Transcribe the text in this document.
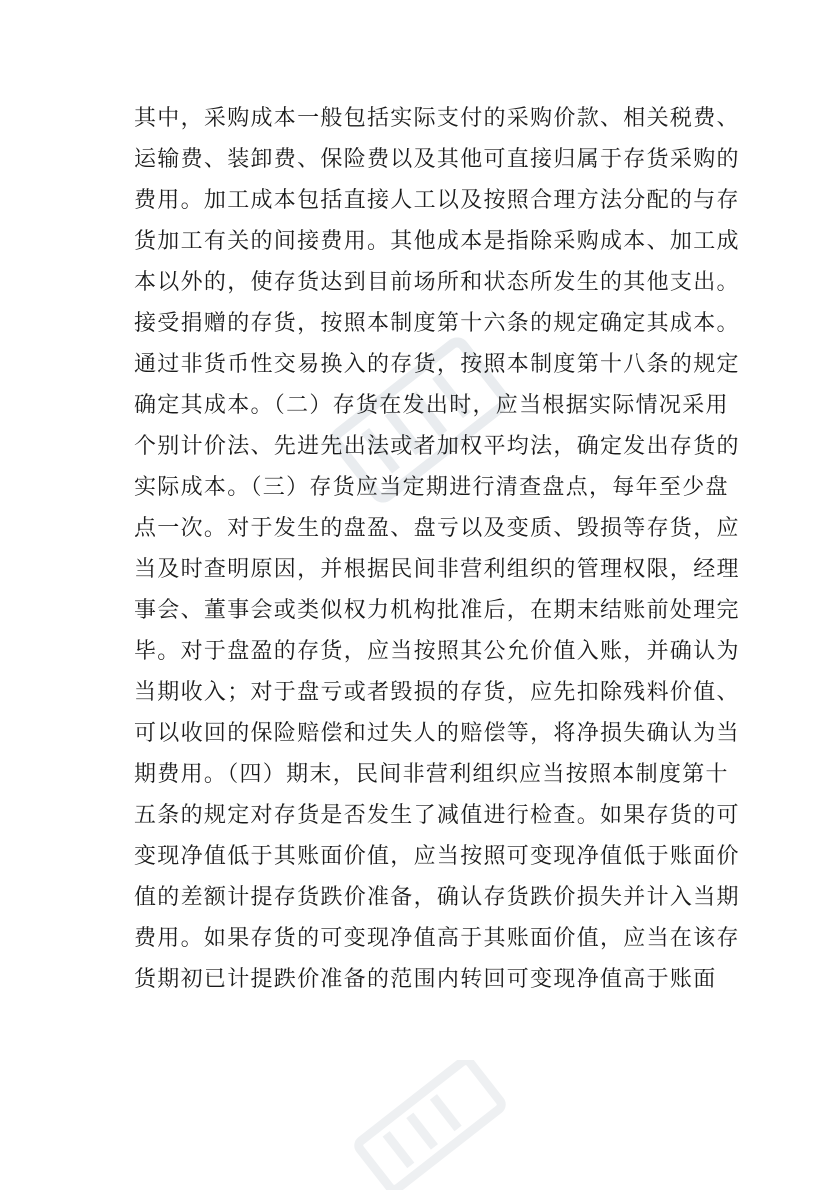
其中，采购成本一般包括实际支付的采购价款、相关税费、
运输费、装卸费、保险费以及其他可直接归属于存货采购的
费用。加工成本包括直接人工以及按照合理方法分配的与存
货加工有关的间接费用。其他成本是指除采购成本、加工成
本以外的，使存货达到目前场所和状态所发生的其他支出。
接受捐赠的存货，按照本制度第十六条的规定确定其成本。
通过非货币性交易换入的存货，按照本制度第十八条的规定
确定其成本。（二）存货在发出时，应当根据实际情况采用
个别计价法、先进先出法或者加权平均法，确定发出存货的
实际成本。（三）存货应当定期进行清查盘点，每年至少盘
点一次。对于发生的盘盈、盘亏以及变质、毁损等存货，应
当及时查明原因，并根据民间非营利组织的管理权限，经理
事会、董事会或类似权力机构批准后，在期末结账前处理完
毕。对于盘盈的存货，应当按照其公允价值入账，并确认为
当期收入；对于盘亏或者毁损的存货，应先扣除残料价值、
可以收回的保险赔偿和过失人的赔偿等，将净损失确认为当
期费用。（四）期末，民间非营利组织应当按照本制度第十
五条的规定对存货是否发生了减值进行检查。如果存货的可
变现净值低于其账面价值，应当按照可变现净值低于账面价
值的差额计提存货跌价准备，确认存货跌价损失并计入当期
费用。如果存货的可变现净值高于其账面价值，应当在该存
货期初已计提跌价准备的范围内转回可变现净值高于账面
